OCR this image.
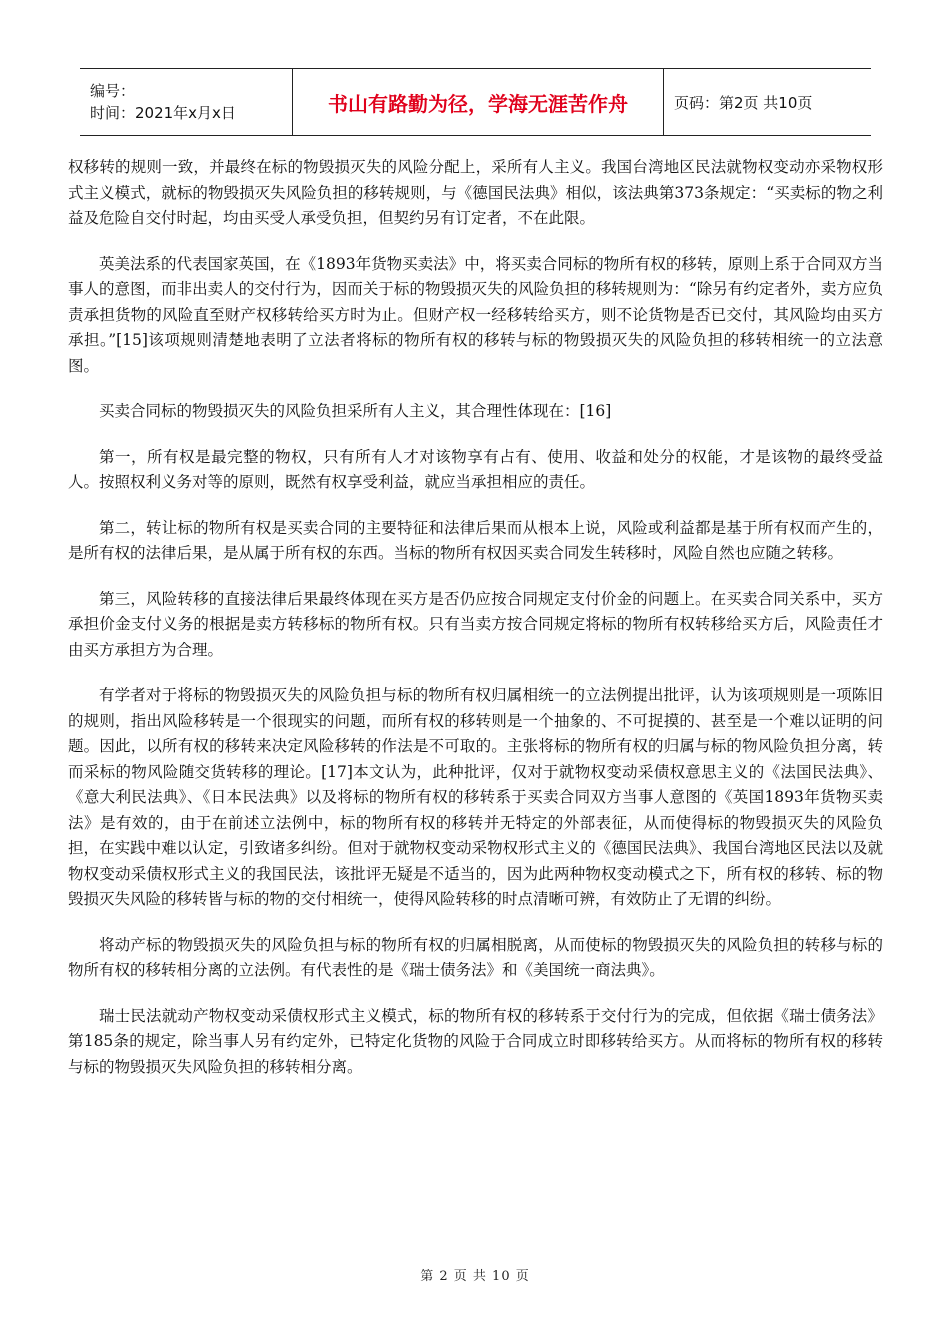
编号：
时间：2021年x月x日	书山有路勤为径，学海无涯苦作舟	页码：第2页 共10页

权移转的规则一致，并最终在标的物毁损灭失的风险分配上，采所有人主义。我国台湾地区民法就物权变动亦采物权形式主义模式，就标的物毁损灭失风险负担的移转规则，与《德国民法典》相似，该法典第373条规定：“买卖标的物之利益及危险自交付时起，均由买受人承受负担，但契约另有订定者，不在此限。

英美法系的代表国家英国，在《1893年货物买卖法》中，将买卖合同标的物所有权的移转，原则上系于合同双方当事人的意图，而非出卖人的交付行为，因而关于标的物毁损灭失的风险负担的移转规则为：“除另有约定者外，卖方应负责承担货物的风险直至财产权移转给买方时为止。但财产权一经移转给买方，则不论货物是否已交付，其风险均由买方承担。”[15]该项规则清楚地表明了立法者将标的物所有权的移转与标的物毁损灭失的风险负担的移转相统一的立法意图。

买卖合同标的物毁损灭失的风险负担采所有人主义，其合理性体现在：[16]

第一，所有权是最完整的物权，只有所有人才对该物享有占有、使用、收益和处分的权能，才是该物的最终受益人。按照权利义务对等的原则，既然有权享受利益，就应当承担相应的责任。

第二，转让标的物所有权是买卖合同的主要特征和法律后果而从根本上说，风险或利益都是基于所有权而产生的，是所有权的法律后果，是从属于所有权的东西。当标的物所有权因买卖合同发生转移时，风险自然也应随之转移。

第三，风险转移的直接法律后果最终体现在买方是否仍应按合同规定支付价金的问题上。在买卖合同关系中，买方承担价金支付义务的根据是卖方转移标的物所有权。只有当卖方按合同规定将标的物所有权转移给买方后，风险责任才由买方承担方为合理。

有学者对于将标的物毁损灭失的风险负担与标的物所有权归属相统一的立法例提出批评，认为该项规则是一项陈旧的规则，指出风险移转是一个很现实的问题，而所有权的移转则是一个抽象的、不可捉摸的、甚至是一个难以证明的问题。因此，以所有权的移转来决定风险移转的作法是不可取的。主张将标的物所有权的归属与标的物风险负担分离，转而采标的物风险随交货转移的理论。[17]本文认为，此种批评，仅对于就物权变动采债权意思主义的《法国民法典》、《意大利民法典》、《日本民法典》以及将标的物所有权的移转系于买卖合同双方当事人意图的《英国1893年货物买卖法》是有效的，由于在前述立法例中，标的物所有权的移转并无特定的外部表征，从而使得标的物毁损灭失的风险负担，在实践中难以认定，引致诸多纠纷。但对于就物权变动采物权形式主义的《德国民法典》、我国台湾地区民法以及就物权变动采债权形式主义的我国民法，该批评无疑是不适当的，因为此两种物权变动模式之下，所有权的移转、标的物毁损灭失风险的移转皆与标的物的交付相统一，使得风险转移的时点清晰可辨，有效防止了无谓的纠纷。

将动产标的物毁损灭失的风险负担与标的物所有权的归属相脱离，从而使标的物毁损灭失的风险负担的转移与标的物所有权的移转相分离的立法例。有代表性的是《瑞士债务法》和《美国统一商法典》。

瑞士民法就动产物权变动采债权形式主义模式，标的物所有权的移转系于交付行为的完成，但依据《瑞士债务法》第185条的规定，除当事人另有约定外，已特定化货物的风险于合同成立时即移转给买方。从而将标的物所有权的移转与标的物毁损灭失风险负担的移转相分离。

第 2 页 共 10 页
